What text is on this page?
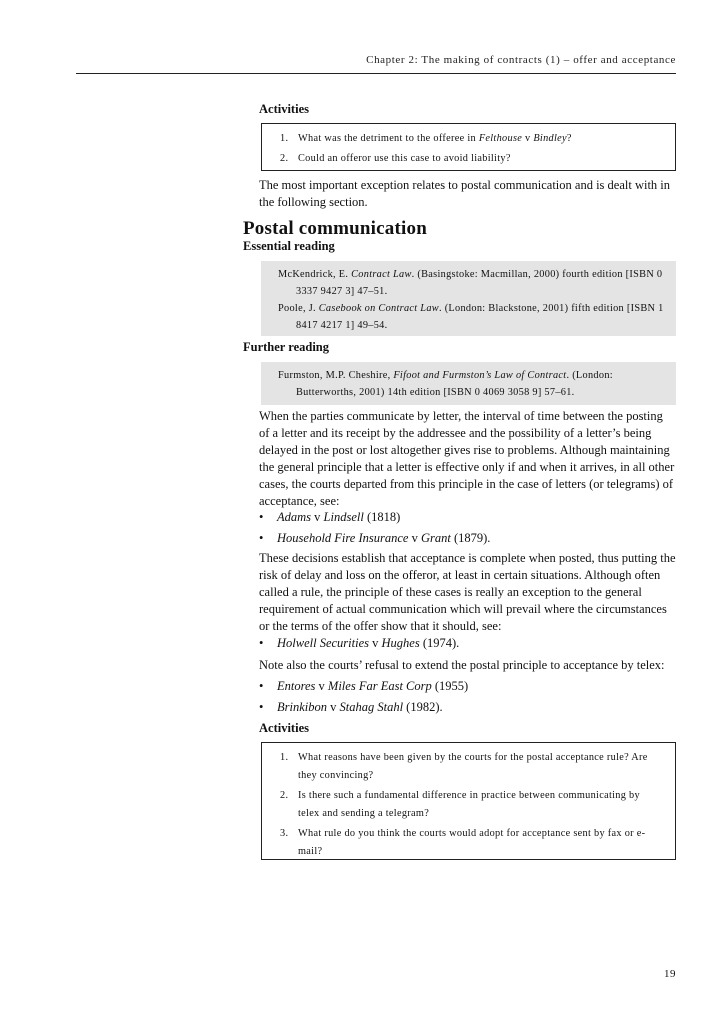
Chapter 2: The making of contracts (1) – offer and acceptance
Activities
1. What was the detriment to the offeree in Felthouse v Bindley?
2. Could an offeror use this case to avoid liability?
The most important exception relates to postal communication and is dealt with in the following section.
Postal communication
Essential reading
McKendrick, E. Contract Law. (Basingstoke: Macmillan, 2000) fourth edition [ISBN 0 3337 9427 3] 47–51.
Poole, J. Casebook on Contract Law. (London: Blackstone, 2001) fifth edition [ISBN 1 8417 4217 1] 49–54.
Further reading
Furmston, M.P. Cheshire, Fifoot and Furmston’s Law of Contract. (London: Butterworths, 2001) 14th edition [ISBN 0 4069 3058 9] 57–61.
When the parties communicate by letter, the interval of time between the posting of a letter and its receipt by the addressee and the possibility of a letter’s being delayed in the post or lost altogether gives rise to problems. Although maintaining the general principle that a letter is effective only if and when it arrives, in all other cases, the courts departed from this principle in the case of letters (or telegrams) of acceptance, see:
•	Adams v Lindsell (1818)
•	Household Fire Insurance v Grant (1879).
These decisions establish that acceptance is complete when posted, thus putting the risk of delay and loss on the offeror, at least in certain situations. Although often called a rule, the principle of these cases is really an exception to the general requirement of actual communication which will prevail where the circumstances or the terms of the offer show that it should, see:
•	Holwell Securities v Hughes (1974).
Note also the courts’ refusal to extend the postal principle to acceptance by telex:
•	Entores v Miles Far East Corp (1955)
•	Brinkibon v Stahag Stahl (1982).
Activities
1. What reasons have been given by the courts for the postal acceptance rule? Are they convincing?
2. Is there such a fundamental difference in practice between communicating by telex and sending a telegram?
3. What rule do you think the courts would adopt for acceptance sent by fax or e-mail?
19
